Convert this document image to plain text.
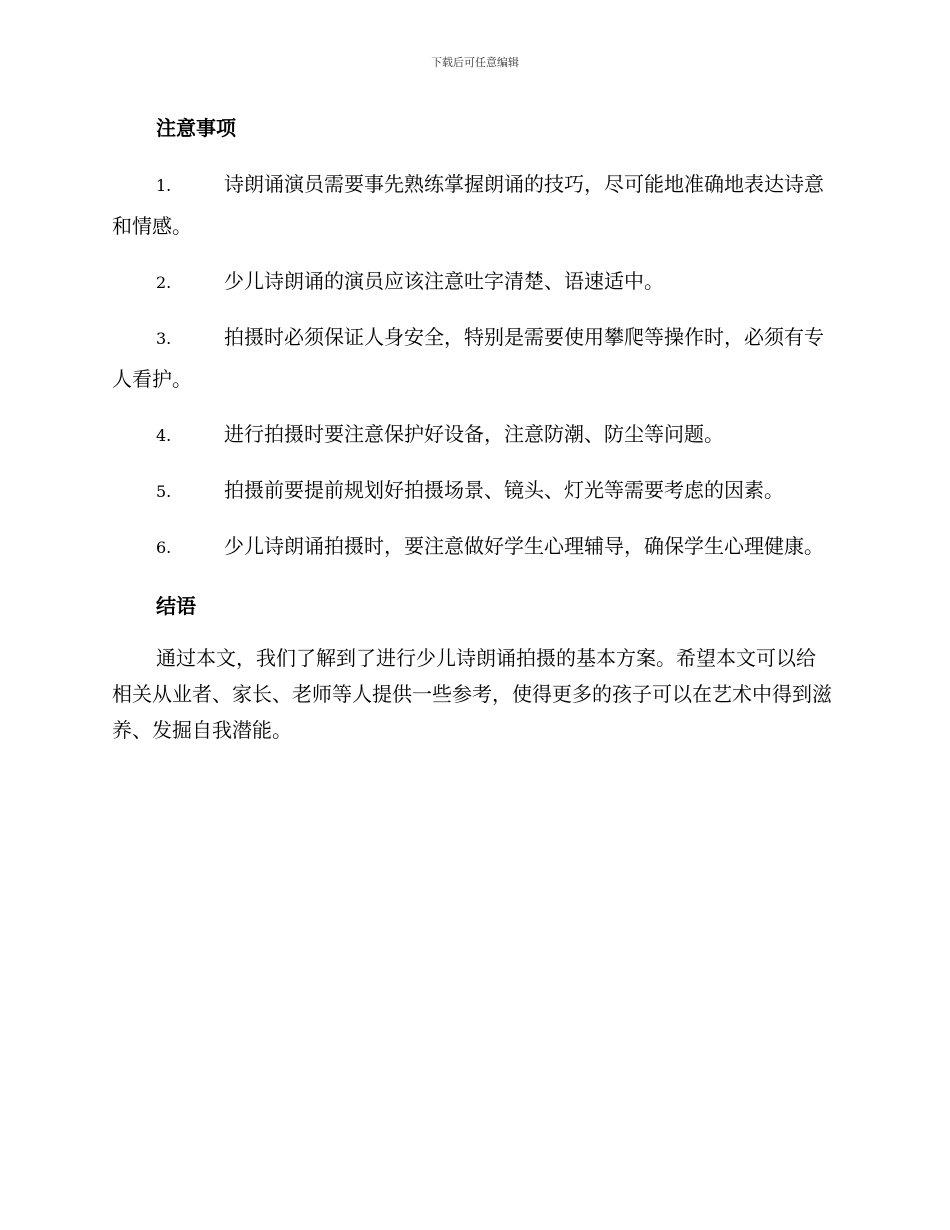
下载后可任意编辑
注意事项
1.	诗朗诵演员需要事先熟练掌握朗诵的技巧，尽可能地准确地表达诗意和情感。
2.	少儿诗朗诵的演员应该注意吐字清楚、语速适中。
3.	拍摄时必须保证人身安全，特别是需要使用攀爬等操作时，必须有专人看护。
4.	进行拍摄时要注意保护好设备，注意防潮、防尘等问题。
5.	拍摄前要提前规划好拍摄场景、镜头、灯光等需要考虑的因素。
6.	少儿诗朗诵拍摄时，要注意做好学生心理辅导，确保学生心理健康。
结语

通过本文，我们了解到了进行少儿诗朗诵拍摄的基本方案。希望本文可以给相关从业者、家长、老师等人提供一些参考，使得更多的孩子可以在艺术中得到滋养、发掘自我潜能。
